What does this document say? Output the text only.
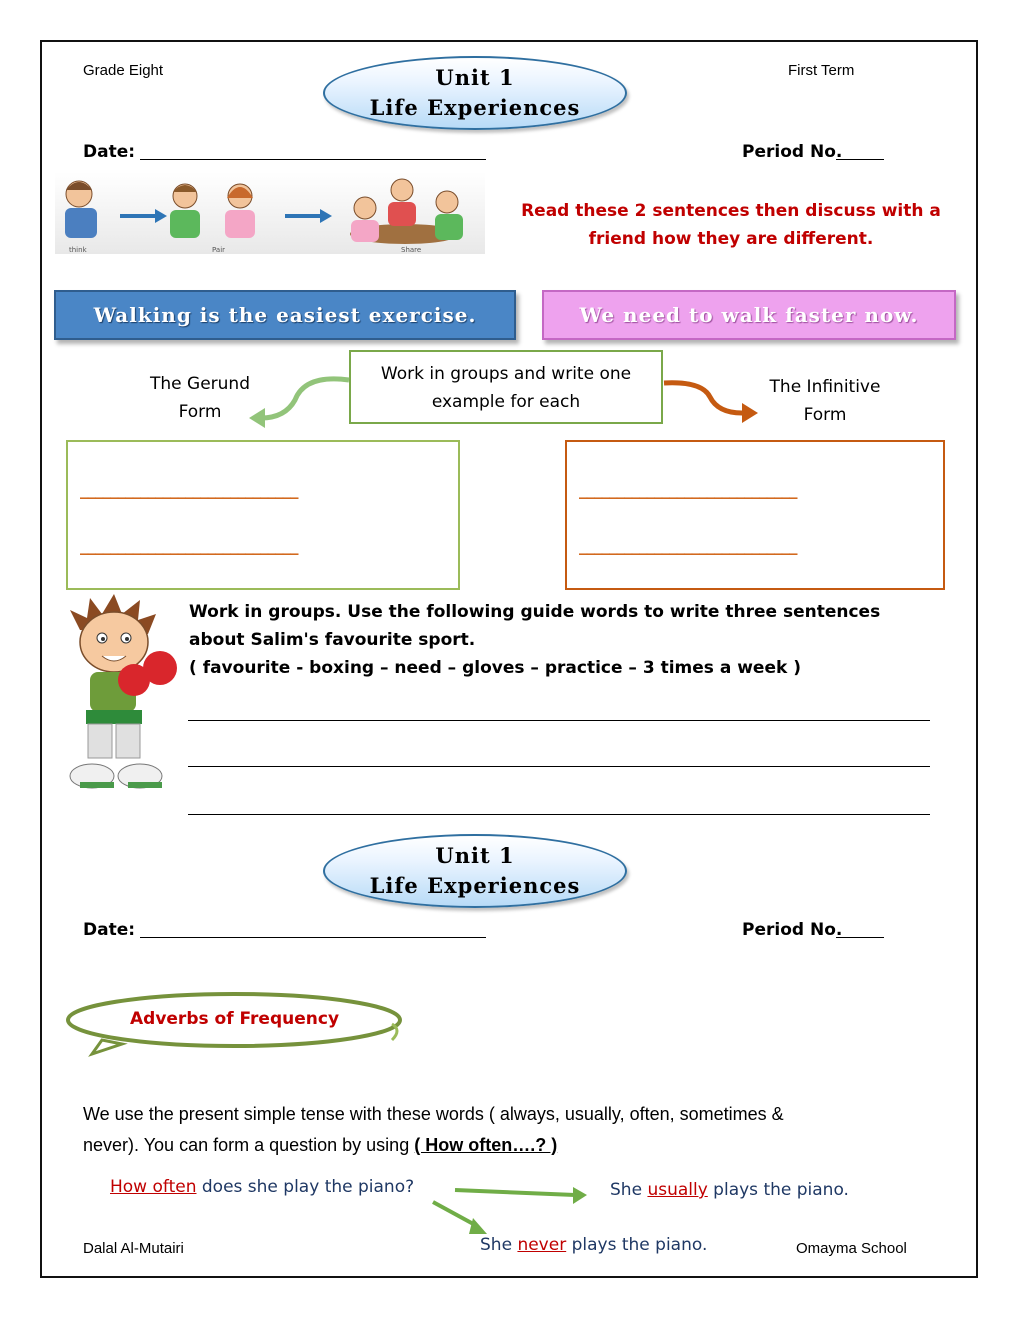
Grade Eight	First Term
Unit 1
Life Experiences
Date:	Period No.
think	Pair	Share
Read these 2 sentences then discuss with a
friend how they are different.
Walking is the easiest exercise.	We need to walk faster now.
Work in groups and write one
example for each
The Gerund
Form
The Infinitive
Form
_____________________________
_____________________________
_____________________________
_____________________________
Work in groups. Use the following guide words to write three sentences
about Salim's favourite sport.
( favourite - boxing – need – gloves – practice – 3 times a week )
Unit 1
Life Experiences
Date:	Period No.
Adverbs of Frequency
We use the present simple tense with these words ( always, usually, often, sometimes &
never). You can form a question by using ( How often….? )
How often does she play the piano?	She usually plays the piano.
She never plays the piano.
Dalal Al-Mutairi	Omayma School
